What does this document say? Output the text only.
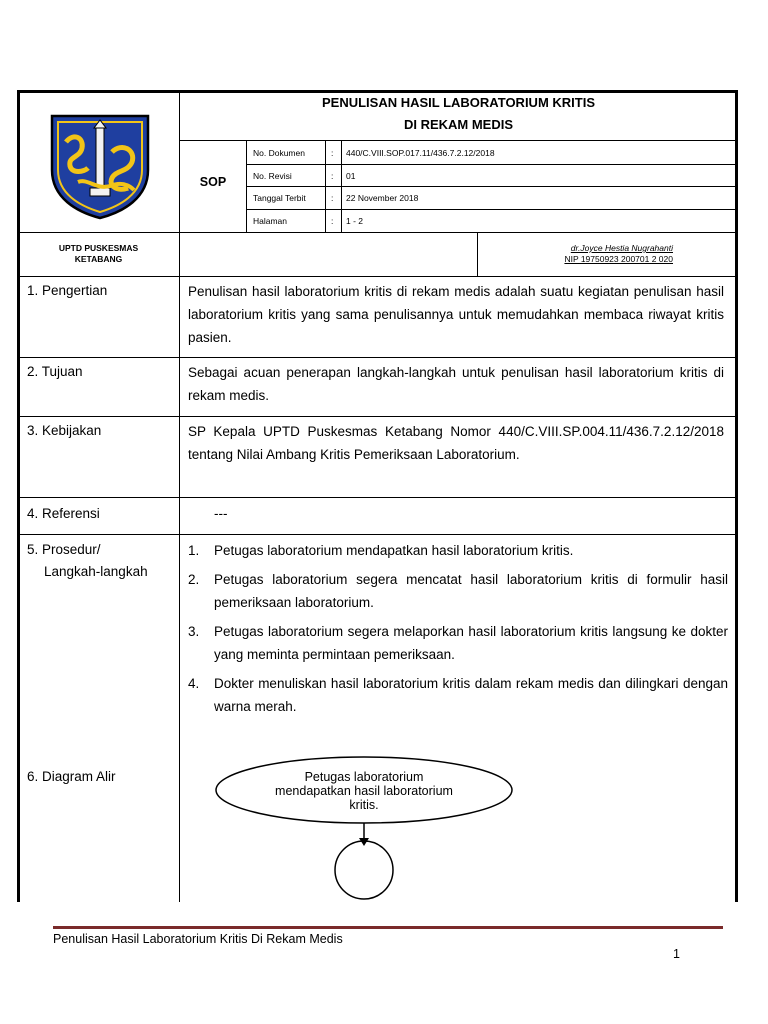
PENULISAN HASIL LABORATORIUM KRITIS
DI REKAM MEDIS
SOP
No. Dokumen	: 440/C.VIII.SOP.017.11/436.7.2.12/2018
No. Revisi	: 01
Tanggal Terbit	: 22 November 2018
Halaman	: 1 - 2
UPTD PUSKESMAS
KETABANG
dr.Joyce Hestia Nugrahanti
NIP 19750923 200701 2 020
1. Pengertian	Penulisan hasil laboratorium kritis di rekam medis adalah suatu kegiatan penulisan hasil laboratorium kritis yang sama penulisannya untuk memudahkan membaca riwayat kritis pasien.
2. Tujuan	Sebagai acuan penerapan langkah-langkah untuk penulisan hasil laboratorium kritis di rekam medis.
3. Kebijakan	SP Kepala UPTD Puskesmas Ketabang Nomor 440/C.VIII.SP.004.11/436.7.2.12/2018 tentang Nilai Ambang Kritis Pemeriksaan Laboratorium.
4. Referensi	---
5. Prosedur/
Langkah-langkah
1.	Petugas laboratorium mendapatkan hasil laboratorium kritis.
2.	Petugas laboratorium segera mencatat hasil laboratorium kritis di formulir hasil pemeriksaan laboratorium.
3.	Petugas laboratorium segera melaporkan hasil laboratorium kritis langsung ke dokter yang meminta permintaan pemeriksaan.
4.	Dokter menuliskan hasil laboratorium kritis dalam rekam medis dan dilingkari dengan warna merah.
6. Diagram Alir	Petugas laboratorium
mendapatkan hasil laboratorium
kritis.
Penulisan Hasil Laboratorium Kritis Di Rekam Medis
1
